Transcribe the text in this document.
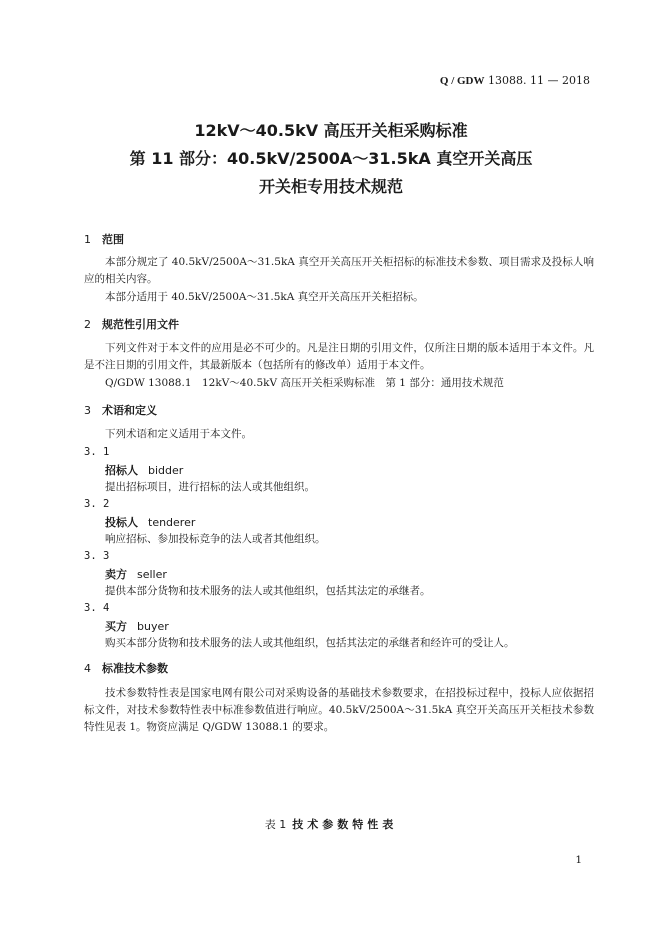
Q / GDW 13088. 11 — 2018
12kV～40.5kV 高压开关柜采购标准
第 11 部分：40.5kV/2500A～31.5kA 真空开关高压
开关柜专用技术规范
1 范围
本部分规定了 40.5kV/2500A～31.5kA 真空开关高压开关柜招标的标准技术参数、项目需求及投标人响应的相关内容。
本部分适用于 40.5kV/2500A～31.5kA 真空开关高压开关柜招标。
2 规范性引用文件
下列文件对于本文件的应用是必不可少的。凡是注日期的引用文件，仅所注日期的版本适用于本文件。凡是不注日期的引用文件，其最新版本（包括所有的修改单）适用于本文件。
Q/GDW 13088.1　12kV～40.5kV 高压开关柜采购标准　第 1 部分：通用技术规范
3 术语和定义
下列术语和定义适用于本文件。
3. 1
招标人 bidder
提出招标项目，进行招标的法人或其他组织。
3. 2
投标人 tenderer
响应招标、参加投标竞争的法人或者其他组织。
3. 3
卖方 seller
提供本部分货物和技术服务的法人或其他组织，包括其法定的承继者。
3. 4
买方 buyer
购买本部分货物和技术服务的法人或其他组织，包括其法定的承继者和经许可的受让人。
4 标准技术参数
技术参数特性表是国家电网有限公司对采购设备的基础技术参数要求，在招投标过程中，投标人应依据招标文件，对技术参数特性表中标准参数值进行响应。40.5kV/2500A～31.5kA 真空开关高压开关柜技术参数特性见表 1。物资应满足 Q/GDW 13088.1 的要求。
表 1 技术参数特性表
1
